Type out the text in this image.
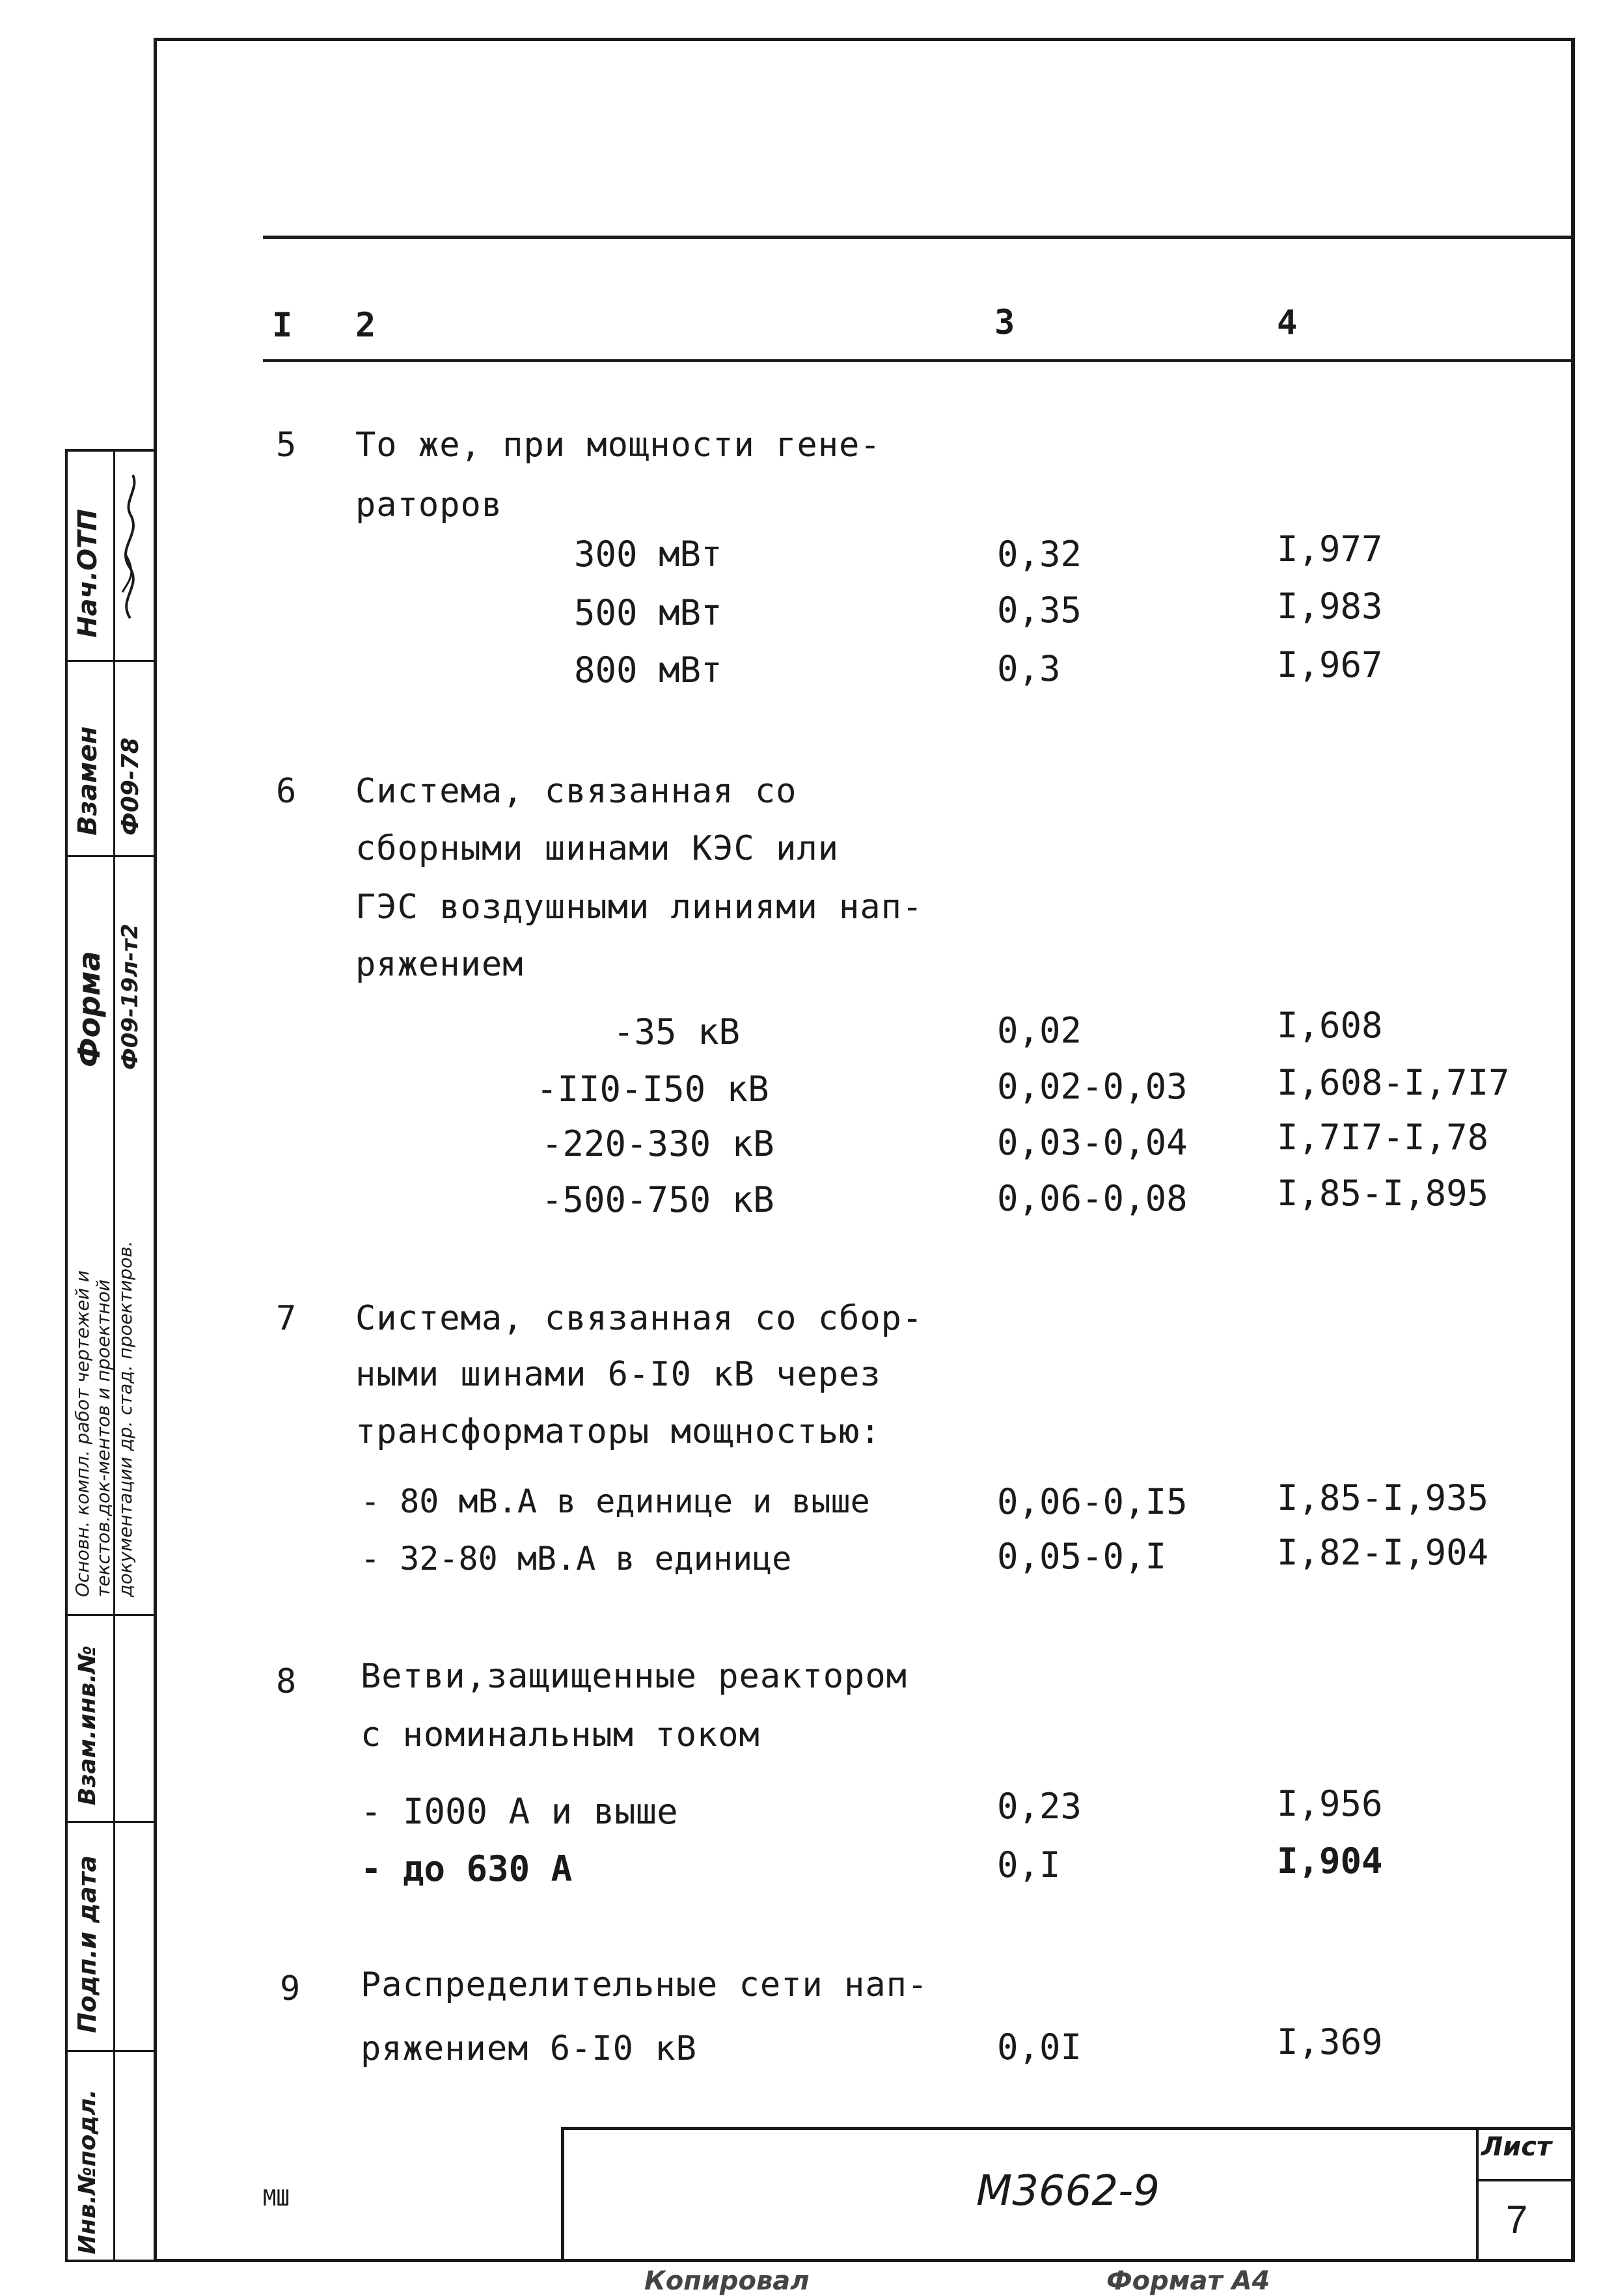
I 2	3	4
5 То же, при мощности гене-
раторов
300 мВт	0,32	I,977
500 мВт	0,35	I,983
800 мВт	0,3	I,967
6 Система, связанная со
сборными шинами КЭС или
ГЭС воздушными линиями нап-
ряжением
-35 кВ	0,02	I,608
-II0-I50 кВ	0,02-0,03	I,608-I,7I7
-220-330 кВ	0,03-0,04	I,7I7-I,78
-500-750 кВ	0,06-0,08	I,85-I,895
7 Система, связанная со сбор-
ными шинами 6-I0 кВ через
трансформаторы мощностью:
- 80 мВ.А в единице и выше	0,06-0,I5	I,85-I,935
- 32-80 мВ.А в единице	0,05-0,I	I,82-I,904
8 Ветви,защищенные реактором
с номинальным током
- I000 А и выше	0,23	I,956
- до 630 А	0,I	I,904
9 Распределительные сети нап-
ряжением 6-I0 кВ	0,0I	I,369
Нач.ОТП
Взамен Ф09-78
Форма Ф09-19л-т2
Основн. компл. работ чертежей и текстов.док-ментов и проектной документации др. стад. проектиров.
Взам.инв.№
Подп.и дата
Инв.№подл.	МШ	М3662-9
Лист
7
Копировал	Формат А4
